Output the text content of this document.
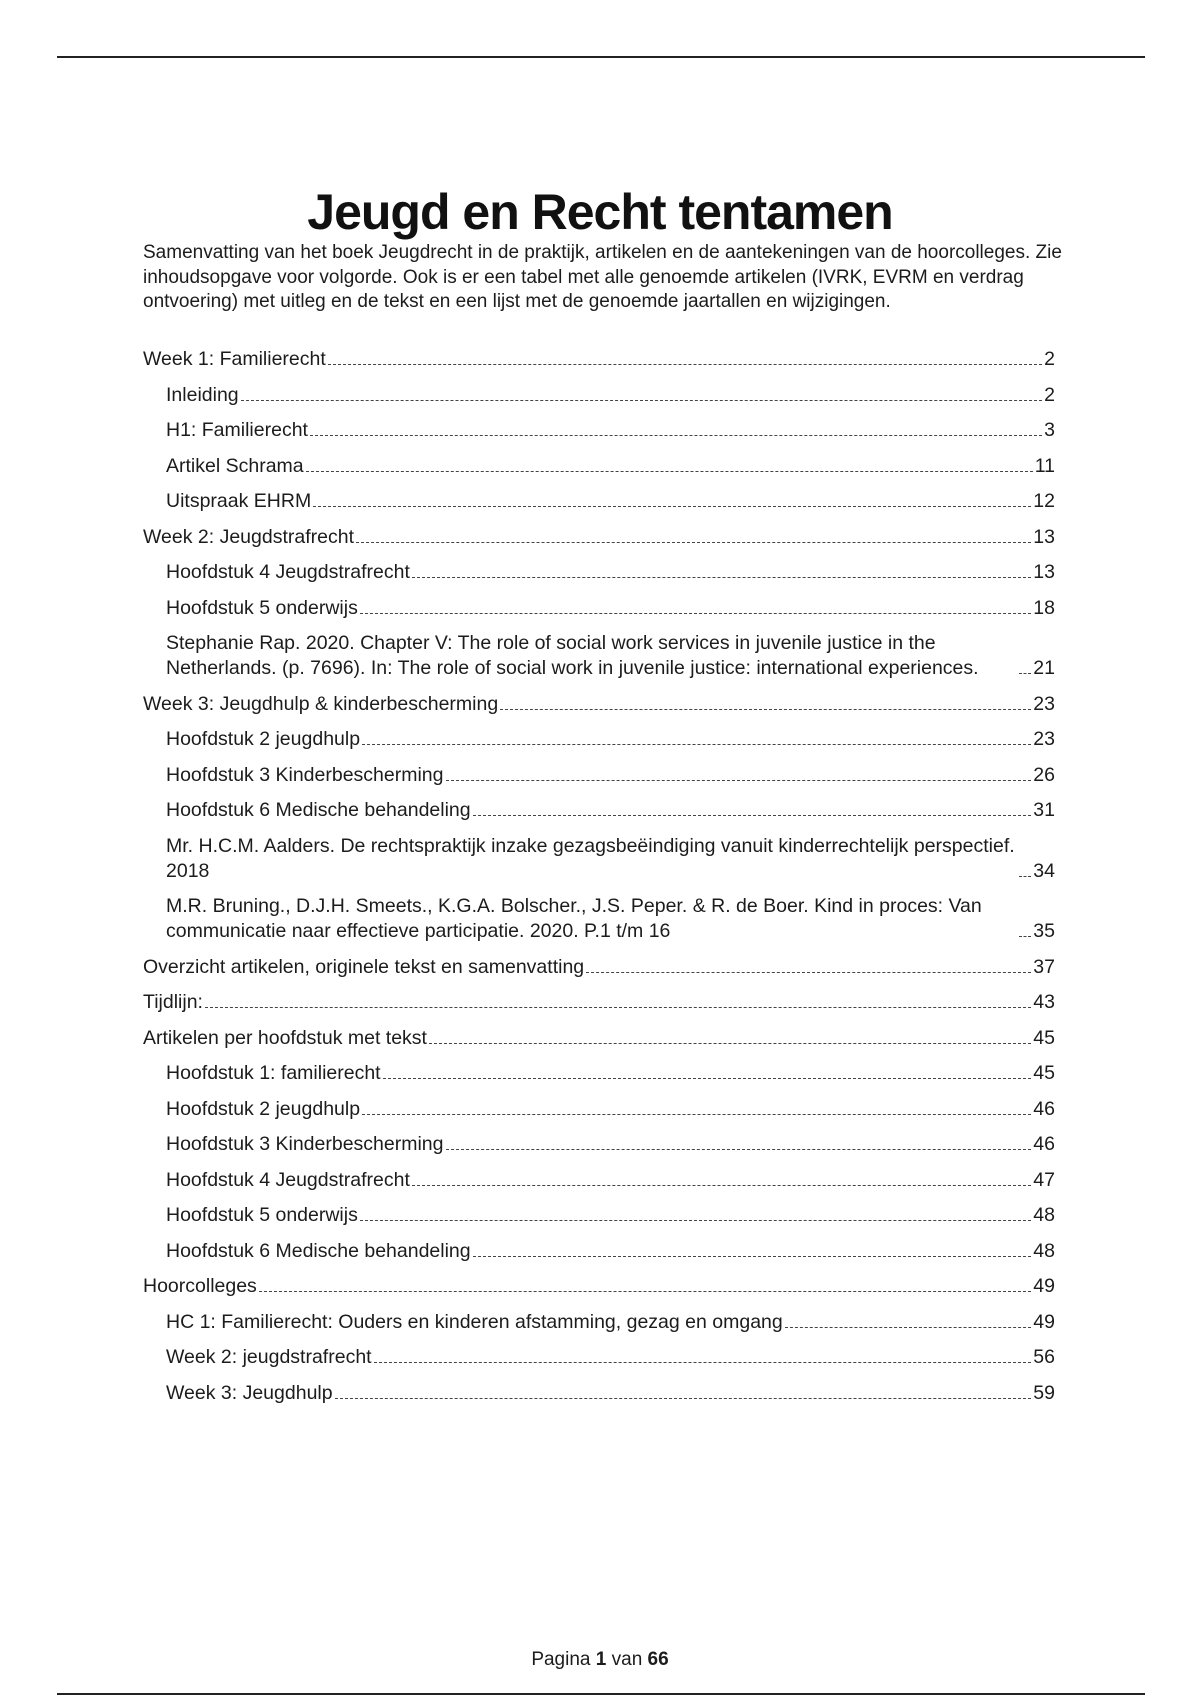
Jeugd en Recht tentamen

Samenvatting van het boek Jeugdrecht in de praktijk, artikelen en de aantekeningen van de hoorcolleges. Zie inhoudsopgave voor volgorde. Ook is er een tabel met alle genoemde artikelen (IVRK, EVRM en verdrag ontvoering) met uitleg en de tekst en een lijst met de genoemde jaartallen en wijzigingen.

Week 1: Familierecht	2
Inleiding	2
H1: Familierecht	3
Artikel Schrama	11
Uitspraak EHRM	12
Week 2: Jeugdstrafrecht	13
Hoofdstuk 4 Jeugdstrafrecht	13
Hoofdstuk 5 onderwijs	18
Stephanie Rap. 2020. Chapter V: The role of social work services in juvenile justice in the Netherlands. (p. 7696). In: The role of social work in juvenile justice: international experiences.	21
Week 3: Jeugdhulp & kinderbescherming	23
Hoofdstuk 2 jeugdhulp	23
Hoofdstuk 3 Kinderbescherming	26
Hoofdstuk 6 Medische behandeling	31
Mr. H.C.M. Aalders. De rechtspraktijk inzake gezagsbeëindiging vanuit kinderrechtelijk perspectief. 2018	34
M.R. Bruning., D.J.H. Smeets., K.G.A. Bolscher., J.S. Peper. & R. de Boer. Kind in proces: Van communicatie naar effectieve participatie. 2020. P.1 t/m 16	35
Overzicht artikelen, originele tekst en samenvatting	37
Tijdlijn:	43
Artikelen per hoofdstuk met tekst	45
Hoofdstuk 1: familierecht	45
Hoofdstuk 2 jeugdhulp	46
Hoofdstuk 3 Kinderbescherming	46
Hoofdstuk 4 Jeugdstrafrecht	47
Hoofdstuk 5 onderwijs	48
Hoofdstuk 6 Medische behandeling	48
Hoorcolleges	49
HC 1: Familierecht: Ouders en kinderen afstamming, gezag en omgang	49
Week 2: jeugdstrafrecht	56
Week 3: Jeugdhulp	59
Pagina 1 van 66
